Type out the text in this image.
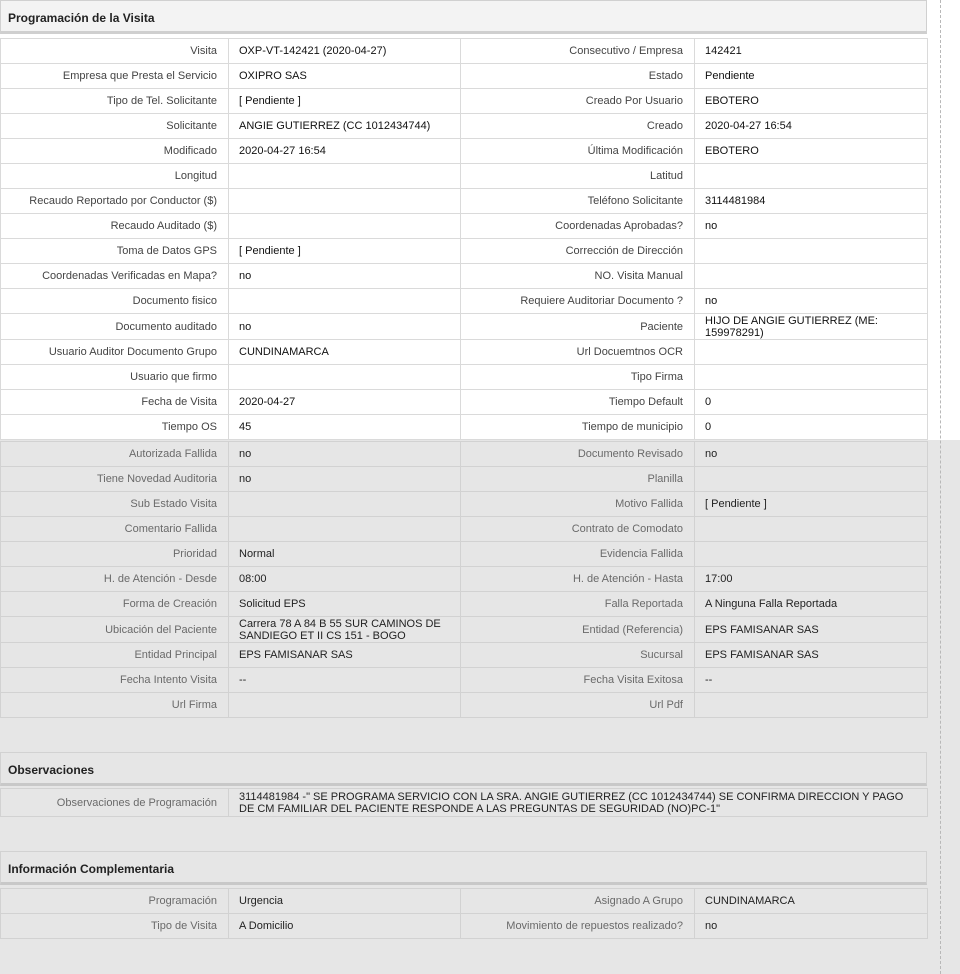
Programación de la Visita
Visita	OXP-VT-142421 (2020-04-27)	Consecutivo / Empresa	142421
Empresa que Presta el Servicio	OXIPRO SAS	Estado	Pendiente
Tipo de Tel. Solicitante	[ Pendiente ]	Creado Por Usuario	EBOTERO
Solicitante	ANGIE GUTIERREZ (CC 1012434744)	Creado	2020-04-27 16:54
Modificado	2020-04-27 16:54	Última Modificación	EBOTERO
Longitud		Latitud	
Recaudo Reportado por Conductor ($)		Teléfono Solicitante	3114481984
Recaudo Auditado ($)		Coordenadas Aprobadas?	no
Toma de Datos GPS	[ Pendiente ]	Corrección de Dirección	
Coordenadas Verificadas en Mapa?	no	NO. Visita Manual	
Documento fisico		Requiere Auditoriar Documento ?	no
Documento auditado	no	Paciente	HIJO DE ANGIE GUTIERREZ (ME: 159978291)
Usuario Auditor Documento Grupo	CUNDINAMARCA	Url Docuemtnos OCR	
Usuario que firmo		Tipo Firma	
Fecha de Visita	2020-04-27	Tiempo Default	0
Tiempo OS	45	Tiempo de municipio	0
Autorizada Fallida	no	Documento Revisado	no
Tiene Novedad Auditoria	no	Planilla	
Sub Estado Visita		Motivo Fallida	[ Pendiente ]
Comentario Fallida		Contrato de Comodato	
Prioridad	Normal	Evidencia Fallida	
H. de Atención - Desde	08:00	H. de Atención - Hasta	17:00
Forma de Creación	Solicitud EPS	Falla Reportada	A Ninguna Falla Reportada
Ubicación del Paciente	Carrera 78 A 84 B 55 SUR CAMINOS DE SANDIEGO ET II CS 151 - BOGO	Entidad (Referencia)	EPS FAMISANAR SAS
Entidad Principal	EPS FAMISANAR SAS	Sucursal	EPS FAMISANAR SAS
Fecha Intento Visita	--	Fecha Visita Exitosa	--
Url Firma		Url Pdf	
Observaciones
Observaciones de Programación	3114481984 -" SE PROGRAMA SERVICIO CON LA SRA. ANGIE GUTIERREZ (CC 1012434744) SE CONFIRMA DIRECCION Y PAGO DE CM FAMILIAR DEL PACIENTE RESPONDE A LAS PREGUNTAS DE SEGURIDAD (NO)PC-1"
Información Complementaria
Programación	Urgencia	Asignado A Grupo	CUNDINAMARCA
Tipo de Visita	A Domicilio	Movimiento de repuestos realizado?	no
